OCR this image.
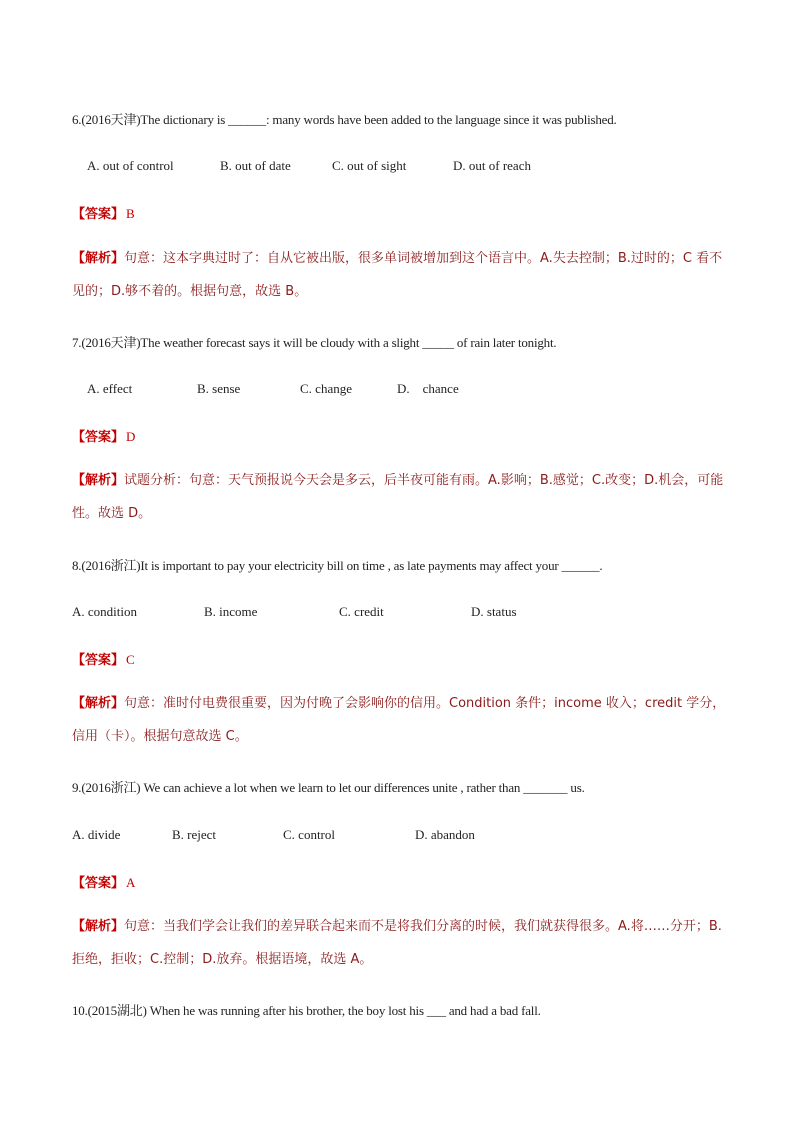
6.(2016天津)The dictionary is ______: many words have been added to the language since it was published.
A. out of control	B. out of date	C. out of sight	D. out of reach
【答案】 B
【解析】句意：这本字典过时了：自从它被出版，很多单词被增加到这个语言中。A.失去控制；B.过时的；C 看不见的；D.够不着的。根据句意，故选 B。
7.(2016天津)The weather forecast says it will be cloudy with a slight _____ of rain later tonight.
A. effect	B. sense	C. change	D.    chance
【答案】 D
【解析】试题分析：句意：天气预报说今天会是多云，后半夜可能有雨。A.影响；B.感觉；C.改变；D.机会，可能性。故选 D。
8.(2016浙江)It is important to pay your electricity bill on time , as late payments may affect your ______.
A. condition	B. income	C. credit	D. status
【答案】 C
【解析】句意：准时付电费很重要，因为付晚了会影响你的信用。Condition 条件；income 收入；credit 学分，信用（卡）。根据句意故选 C。
9.(2016浙江) We can achieve a lot when we learn to let our differences unite , rather than _______ us.
A. divide	B. reject	C. control	D. abandon
【答案】 A
【解析】句意：当我们学会让我们的差异联合起来而不是将我们分离的时候，我们就获得很多。A.将……分开；B.拒绝，拒收；C.控制；D.放弃。根据语境，故选 A。
10.(2015湖北) When he was running after his brother, the boy lost his ___ and had a bad fall.
